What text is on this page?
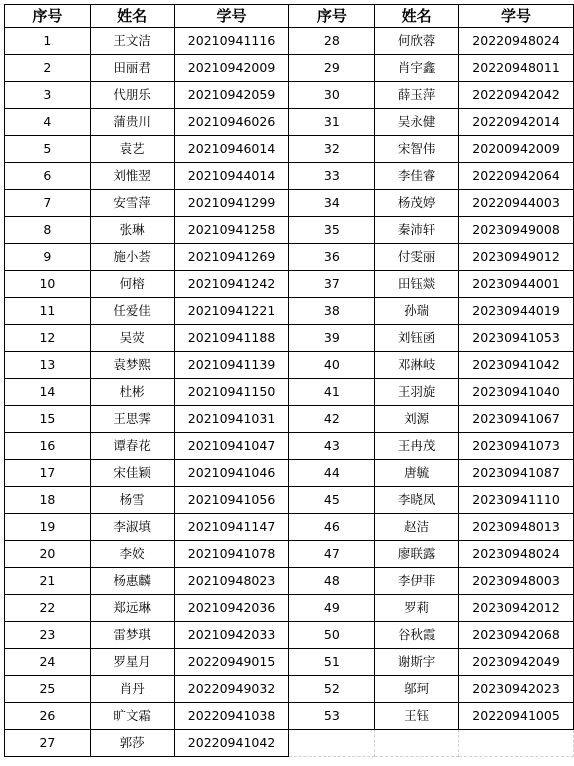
序号	姓名	学号	序号	姓名	学号
1	王文洁	20210941116	28	何欣蓉	20220948024
2	田丽君	20210942009	29	肖宇鑫	20220948011
3	代朋乐	20210942059	30	薛玉萍	20220942042
4	蒲贵川	20210946026	31	吴永健	20220942014
5	袁艺	20210946014	32	宋智伟	20200942009
6	刘惟翌	20210944014	33	李佳睿	20220942064
7	安雪萍	20210941299	34	杨茂婷	20220944003
8	张琳	20210941258	35	秦沛轩	20230949008
9	施小荟	20210941269	36	付雯丽	20230949012
10	何榕	20210941242	37	田钰燚	20230944001
11	任爱佳	20210941221	38	孙瑞	20230944019
12	吴荧	20210941188	39	刘钰函	20230941053
13	袁梦熙	20210941139	40	邓淋岐	20230941042
14	杜彬	20210941150	41	王羽旋	20230941040
15	王思霁	20210941031	42	刘源	20230941067
16	谭春花	20210941047	43	王冉茂	20230941073
17	宋佳颖	20210941046	44	唐毓	20230941087
18	杨雪	20210941056	45	李晓凤	20230941110
19	李淑填	20210941147	46	赵洁	20230948013
20	李姣	20210941078	47	廖联露	20230948024
21	杨惠麟	20210948023	48	李伊菲	20230948003
22	郑远琳	20210942036	49	罗莉	20230942012
23	雷梦琪	20210942033	50	谷秋霞	20230942068
24	罗星月	20220949015	51	谢斯宇	20230942049
25	肖丹	20220949032	52	邬珂	20230942023
26	旷文霜	20220941038	53	王钰	20220941005
27	郭莎	20220941042			
